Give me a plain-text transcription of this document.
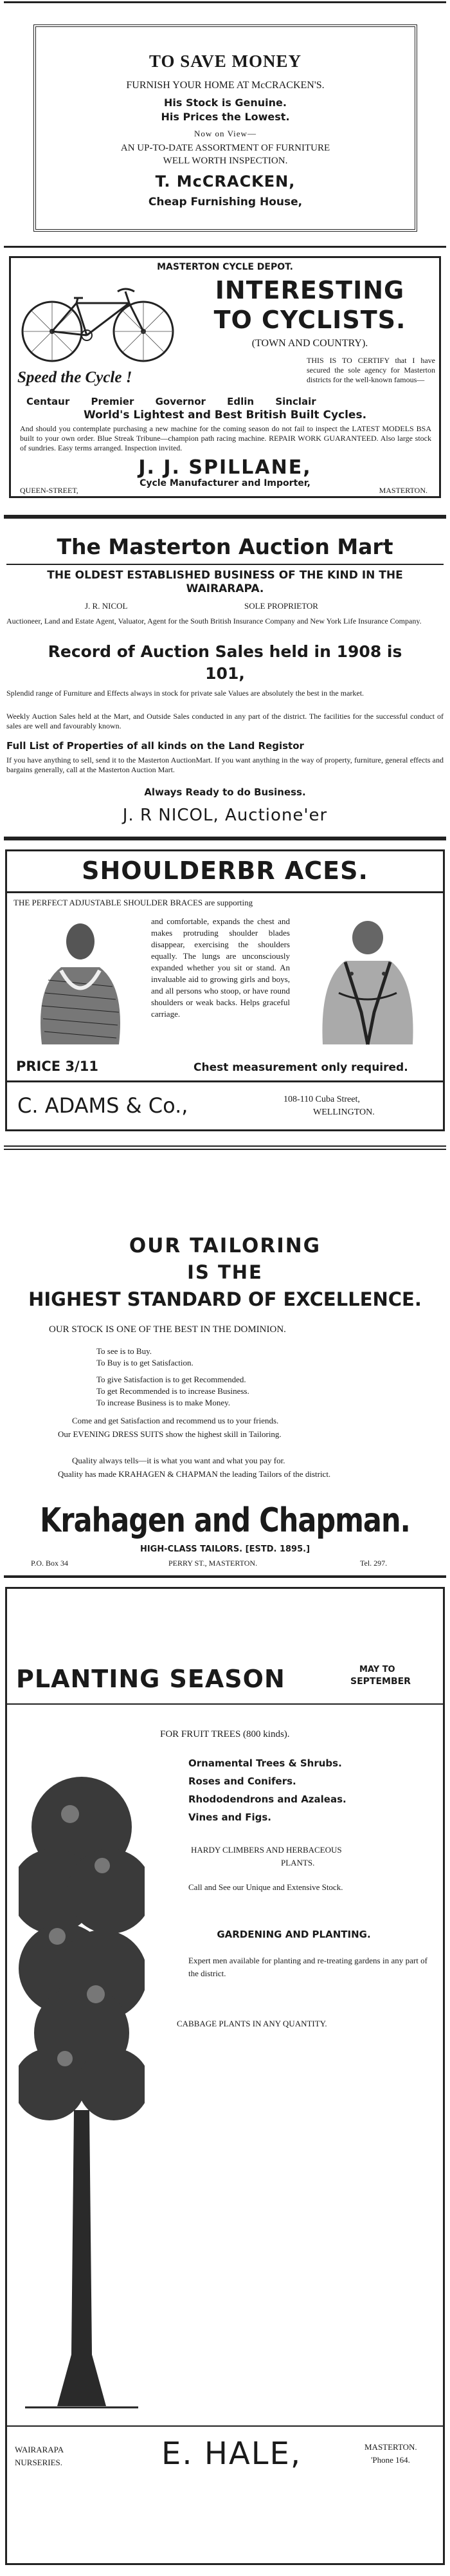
TO SAVE MONEY
FURNISH YOUR HOME AT McCRACKEN'S.
His Stock is Genuine.
His Prices the Lowest.
Now on View—
AN UP-TO-DATE ASSORTMENT OF FURNITURE
WELL WORTH INSPECTION.
T. McCRACKEN,
Cheap Furnishing House,
MASTERTON CYCLE DEPOT.
Speed the Cycle !
INTERESTING
TO CYCLISTS.
(TOWN AND COUNTRY).

THIS IS TO CERTIFY that I have secured the sole agency for Masterton districts for the well-known famous—

Centaur Premier Governor Edlin Sinclair
World's Lightest and Best British Built Cycles.

And should you contemplate purchasing a new machine for the coming season do not fail to inspect the LATEST MODELS BSA built to your own order. Blue Streak Tribune—champion path racing machine. REPAIR WORK GUARANTEED. Also large stock of sundries. Easy terms arranged. Inspection invited.

J. J. SPILLANE,
Cycle Manufacturer and Importer,
QUEEN-STREET,	MASTERTON.
The Masterton Auction Mart
THE OLDEST ESTABLISHED BUSINESS OF THE KIND IN THE WAIRARAPA.
J. R. NICOL	SOLE PROPRIETOR

Auctioneer, Land and Estate Agent, Valuator, Agent for the South British Insurance Company and New York Life Insurance Company.

Record of Auction Sales held in 1908 is
101,

Splendid range of Furniture and Effects always in stock for private sale Values are absolutely the best in the market.

Weekly Auction Sales held at the Mart, and Outside Sales conducted in any part of the district. The facilities for the successful conduct of sales are well and favourably known.

Full List of Properties of all kinds on the Land Registor

If you have anything to sell, send it to the Masterton AuctionMart. If you want anything in the way of property, furniture, general effects and bargains generally, call at the Masterton Auction Mart.

Always Ready to do Business.
J. R NICOL, Auctione'er
SHOULDERBR ACES.

THE PERFECT ADJUSTABLE SHOULDER BRACES are supporting

and comfortable, expands the chest and makes protruding shoulder blades disappear, exercising the shoulders equally. The lungs are unconsciously expanded whether you sit or stand. An invaluable aid to growing girls and boys, and all persons who stoop, or have round shoulders or weak backs. Helps graceful carriage.

PRICE 3/11	Chest measurement only required.
C. ADAMS & Co.,	108-110 Cuba Street,
WELLINGTON.
OUR TAILORING
IS THE
HIGHEST STANDARD OF EXCELLENCE.
OUR STOCK IS ONE OF THE BEST IN THE DOMINION.
To see is to Buy.
To Buy is to get Satisfaction.
To give Satisfaction is to get Recommended.
To get Recommended is to increase Business.
To increase Business is to make Money.
Come and get Satisfaction and recommend us to your friends.

Our EVENING DRESS SUITS show the highest skill in Tailoring.

Quality always tells—it is what you want and what you pay for.

Quality has made KRAHAGEN & CHAPMAN the leading Tailors of the district.

Krahagen and Chapman.
HIGH-CLASS TAILORS. [ESTD. 1895.]
P.O. Box 34	PERRY ST., MASTERTON.	Tel. 297.
PLANTING SEASON	MAY TO
SEPTEMBER
FOR FRUIT TREES (800 kinds).
Ornamental Trees & Shrubs.
Roses and Conifers.
Rhododendrons and Azaleas.
Vines and Figs.
HARDY CLIMBERS AND HERBACEOUS
PLANTS.
Call and See our Unique and Extensive Stock.
GARDENING AND PLANTING.

Expert men available for planting and re-treating gardens in any part of the district.

CABBAGE PLANTS IN ANY QUANTITY.
WAIRARAPA
NURSERIES.	E. HALE,	MASTERTON.
'Phone 164.
